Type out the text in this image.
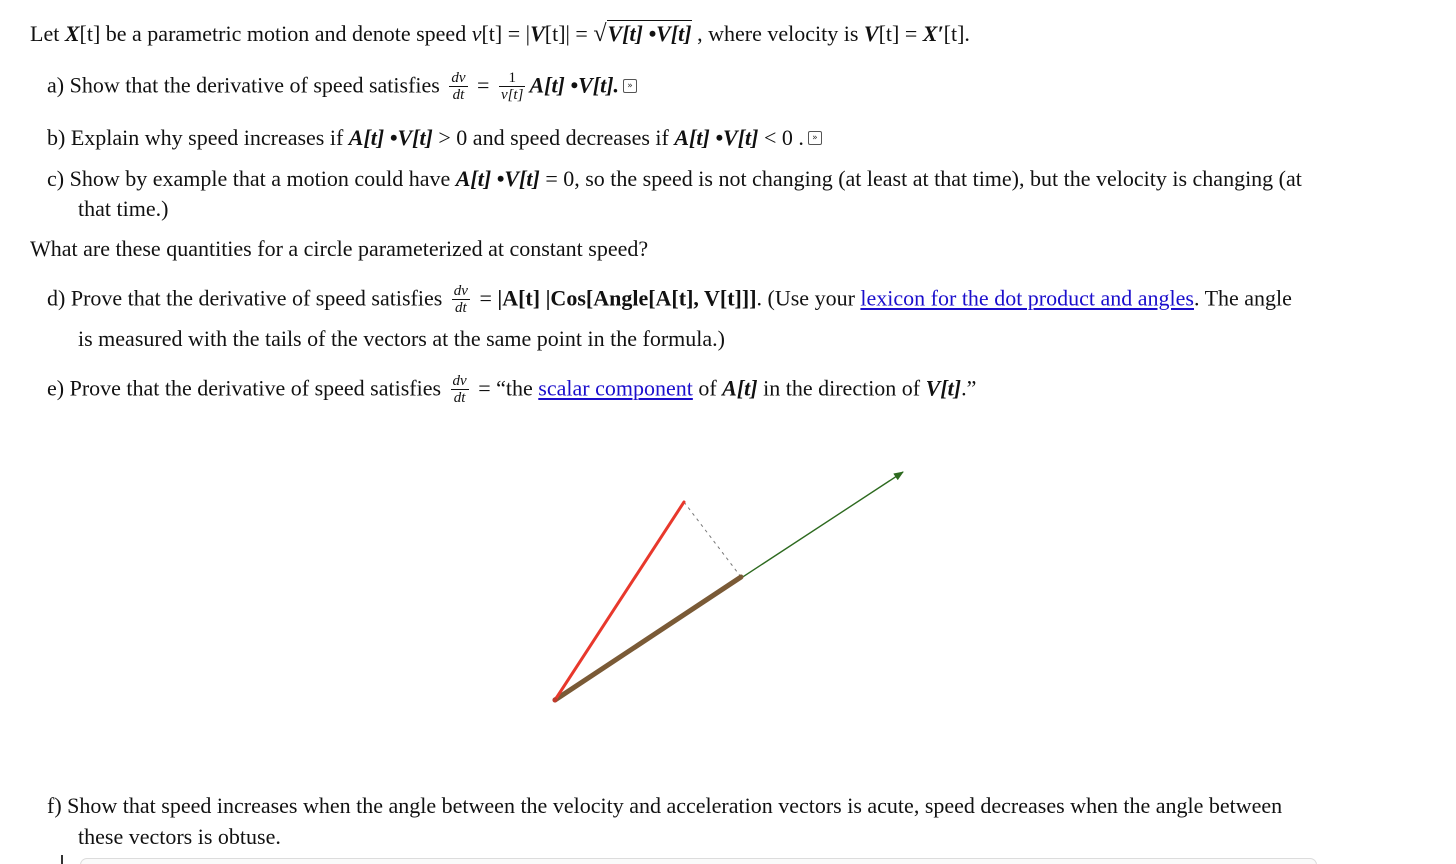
Let X[t] be a parametric motion and denote speed v[t] = |V[t]| = √V[t] •V[t] , where velocity is V[t] = X′[t].
a) Show that the derivative of speed satisfies $\frac{dv}{dt} = \frac{1}{v[t]} A[t]$ •V[t]. »
b) Explain why speed increases if A[t] •V[t] > 0 and speed decreases if A[t] •V[t] < 0 . »
c) Show by example that a motion could have A[t] •V[t] = 0, so the speed is not changing (at least at that time), but the velocity is changing (at
that time.)
What are these quantities for a circle parameterized at constant speed?
d) Prove that the derivative of speed satisfies $\frac{dv}{dt} = |A[t]$ |Cos[Angle[A[t], V[t]]]. (Use your lexicon for the dot product and angles. The angle
is measured with the tails of the vectors at the same point in the formula.)
e) Prove that the derivative of speed satisfies $\frac{dv}{dt}$ = “the scalar component of A[t] in the direction of V[t].”
f) Show that speed increases when the angle between the velocity and acceleration vectors is acute, speed decreases when the angle between
these vectors is obtuse.
